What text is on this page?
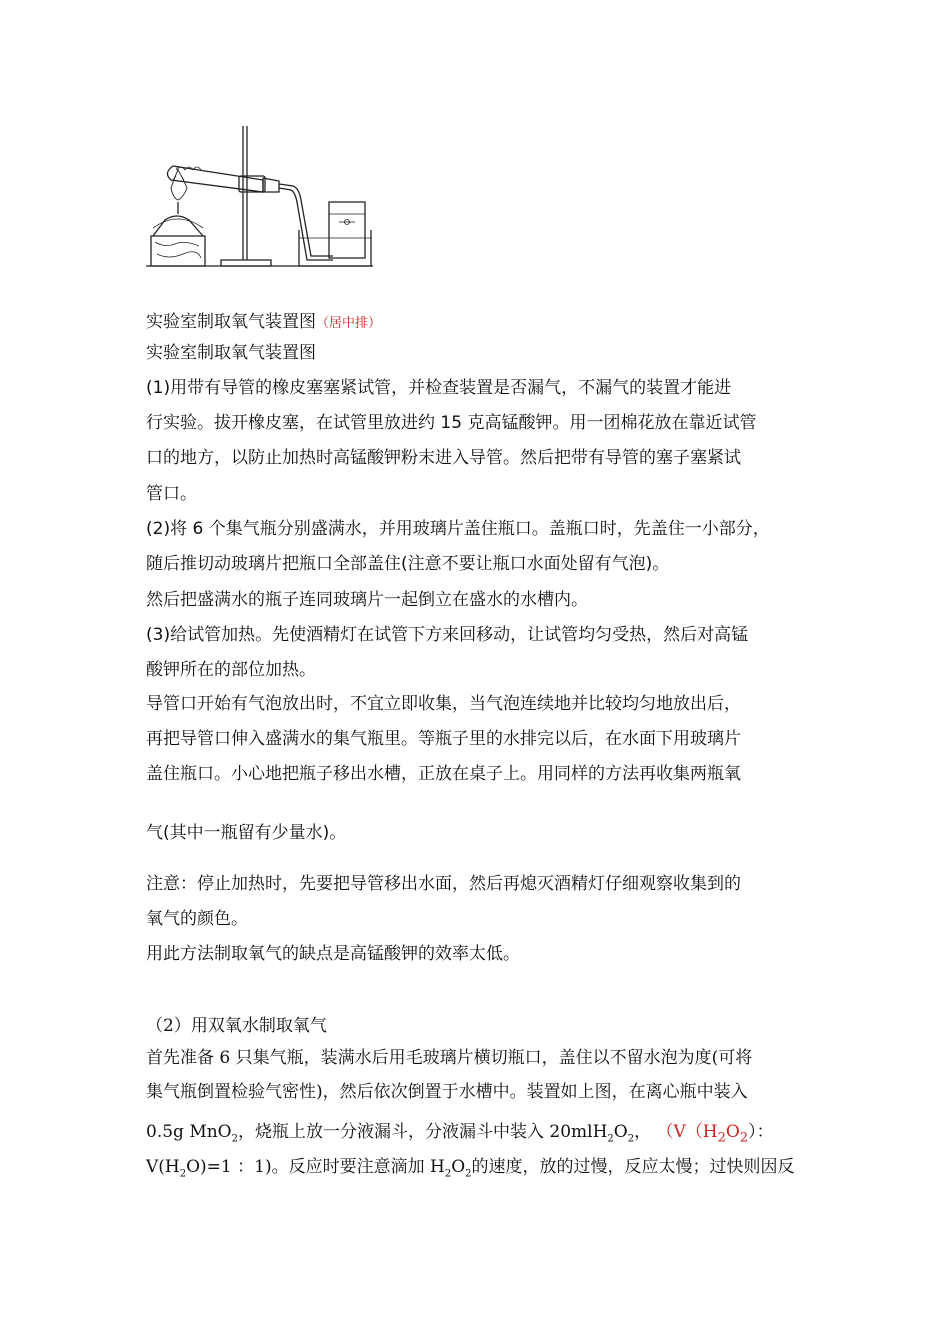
实验室制取氧气装置图（居中排）
实验室制取氧气装置图
(1)用带有导管的橡皮塞塞紧试管，并检查装置是否漏气，不漏气的装置才能进
行实验。拔开橡皮塞，在试管里放进约 15 克高锰酸钾。用一团棉花放在靠近试管
口的地方，以防止加热时高锰酸钾粉末进入导管。然后把带有导管的塞子塞紧试
管口。
(2)将 6 个集气瓶分别盛满水，并用玻璃片盖住瓶口。盖瓶口时，先盖住一小部分，
随后推切动玻璃片把瓶口全部盖住(注意不要让瓶口水面处留有气泡)。
然后把盛满水的瓶子连同玻璃片一起倒立在盛水的水槽内。
(3)给试管加热。先使酒精灯在试管下方来回移动，让试管均匀受热，然后对高锰
酸钾所在的部位加热。
导管口开始有气泡放出时，不宜立即收集，当气泡连续地并比较均匀地放出后，
再把导管口伸入盛满水的集气瓶里。等瓶子里的水排完以后，在水面下用玻璃片
盖住瓶口。小心地把瓶子移出水槽，正放在桌子上。用同样的方法再收集两瓶氧
气(其中一瓶留有少量水)。
注意：停止加热时，先要把导管移出水面，然后再熄灭酒精灯仔细观察收集到的
氧气的颜色。
用此方法制取氧气的缺点是高锰酸钾的效率太低。
（2）用双氧水制取氧气
首先准备 6 只集气瓶，装满水后用毛玻璃片横切瓶口，盖住以不留水泡为度(可将
集气瓶倒置检验气密性)，然后依次倒置于水槽中。装置如上图，在离心瓶中装入
0.5g MnO$_2$，烧瓶上放一分液漏斗，分液漏斗中装入 $20mlH_2O_2$， （$V(H_2O_2)$：
$V(H_2O)=1$ ：1)。反应时要注意滴加 $H_2O_2$的速度，放的过慢，反应太慢；过快则因反
